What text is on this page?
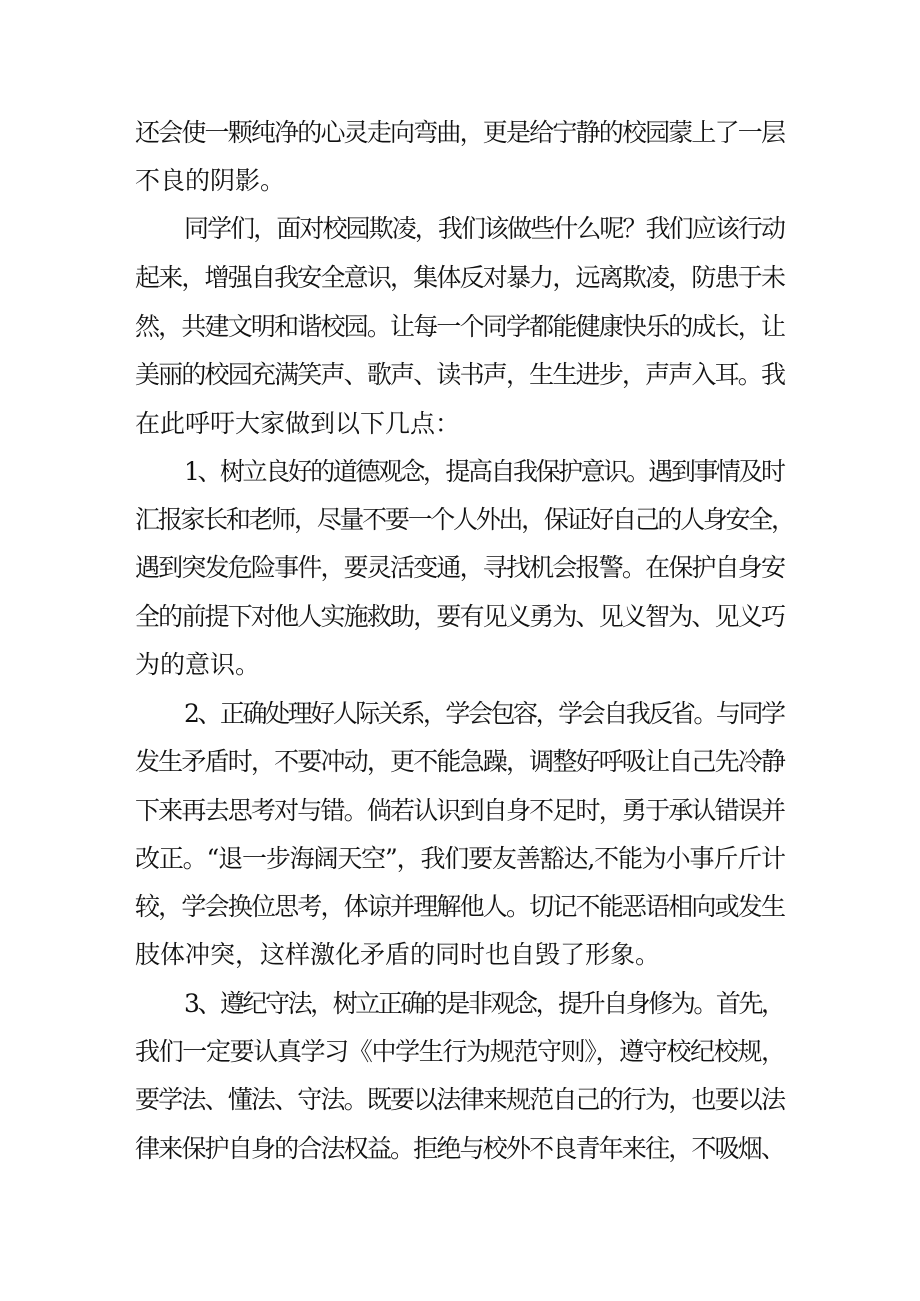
还会使一颗纯净的心灵走向弯曲，更是给宁静的校园蒙上了一层
不良的阴影。
同学们，面对校园欺凌，我们该做些什么呢？我们应该行动
起来，增强自我安全意识，集体反对暴力，远离欺凌，防患于未
然，共建文明和谐校园。让每一个同学都能健康快乐的成长，让
美丽的校园充满笑声、歌声、读书声，生生进步，声声入耳。我
在此呼吁大家做到以下几点：
1、树立良好的道德观念，提高自我保护意识。遇到事情及时
汇报家长和老师，尽量不要一个人外出，保证好自己的人身安全，
遇到突发危险事件，要灵活变通，寻找机会报警。在保护自身安
全的前提下对他人实施救助，要有见义勇为、见义智为、见义巧
为的意识。
2、正确处理好人际关系，学会包容，学会自我反省。与同学
发生矛盾时，不要冲动，更不能急躁，调整好呼吸让自己先冷静
下来再去思考对与错。倘若认识到自身不足时，勇于承认错误并
改正。“退一步海阔天空”，我们要友善豁达,不能为小事斤斤计
较，学会换位思考，体谅并理解他人。切记不能恶语相向或发生
肢体冲突，这样激化矛盾的同时也自毁了形象。
3、遵纪守法，树立正确的是非观念，提升自身修为。首先，
我们一定要认真学习《中学生行为规范守则》，遵守校纪校规，
要学法、懂法、守法。既要以法律来规范自己的行为，也要以法
律来保护自身的合法权益。拒绝与校外不良青年来往，不吸烟、
